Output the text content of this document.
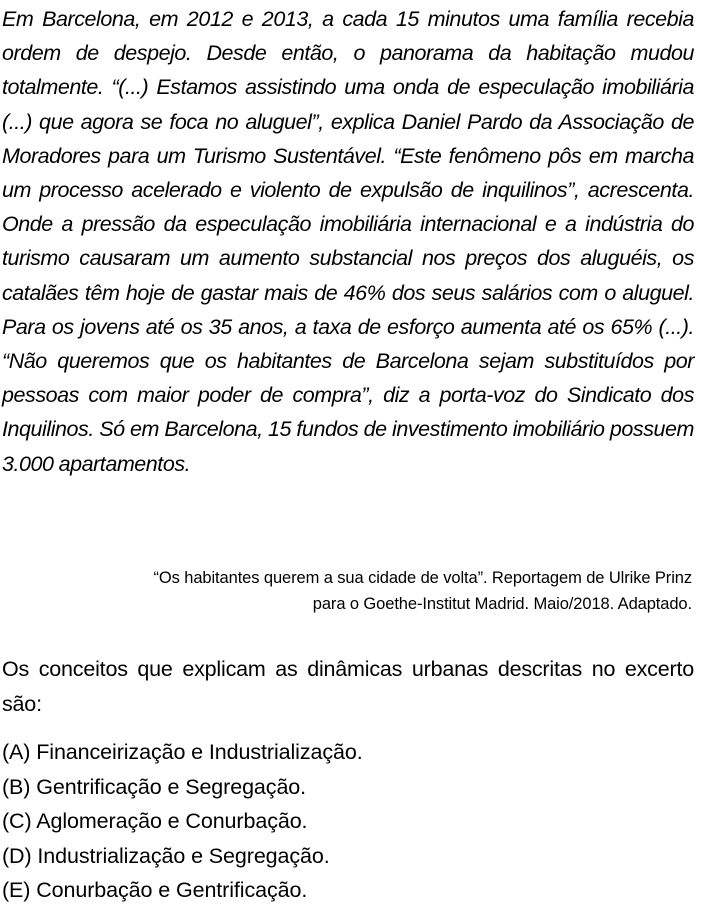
Em Barcelona, em 2012 e 2013, a cada 15 minutos uma família recebia ordem de despejo. Desde então, o panorama da habitação mudou totalmente. “(...) Estamos assistindo uma onda de especulação imobiliária (...) que agora se foca no aluguel”, explica Daniel Pardo da Associação de Moradores para um Turismo Sustentável. “Este fenômeno pôs em marcha um processo acelerado e violento de expulsão de inquilinos”, acrescenta. Onde a pressão da especulação imobiliária internacional e a indústria do turismo causaram um aumento substancial nos preços dos aluguéis, os catalães têm hoje de gastar mais de 46% dos seus salários com o aluguel. Para os jovens até os 35 anos, a taxa de esforço aumenta até os 65% (...). “Não queremos que os habitantes de Barcelona sejam substituídos por pessoas com maior poder de compra”, diz a porta-voz do Sindicato dos Inquilinos. Só em Barcelona, 15 fundos de investimento imobiliário possuem 3.000 apartamentos.

“Os habitantes querem a sua cidade de volta”. Reportagem de Ulrike Prinz
para o Goethe-Institut Madrid. Maio/2018. Adaptado.

Os conceitos que explicam as dinâmicas urbanas descritas no excerto são:

(A) Financeirização e Industrialização.
(B) Gentrificação e Segregação.
(C) Aglomeração e Conurbação.
(D) Industrialização e Segregação.
(E) Conurbação e Gentrificação.
